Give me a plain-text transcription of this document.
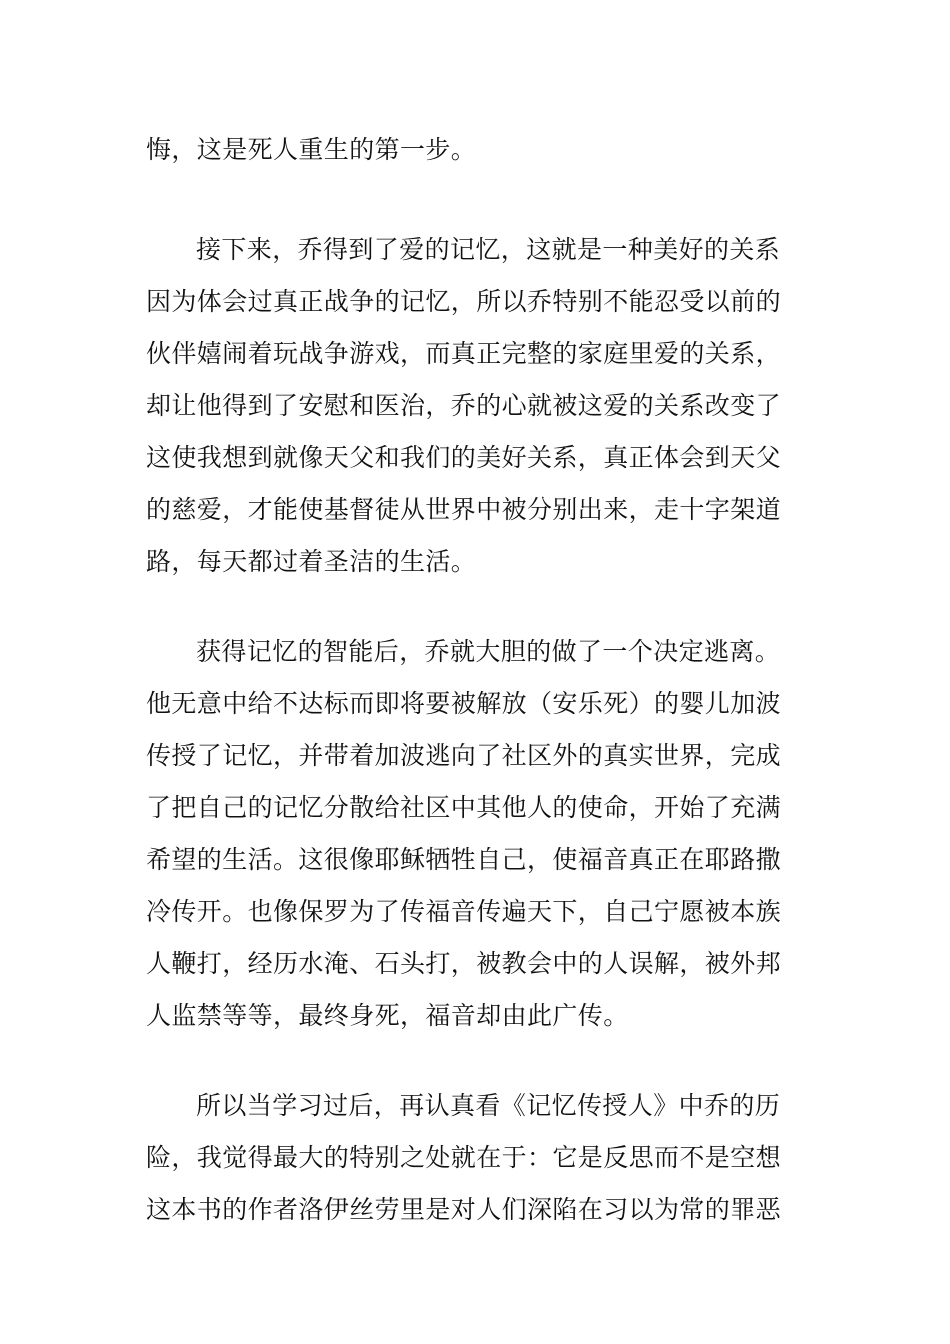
悔，这是死人重生的第一步。
接下来，乔得到了爱的记忆，这就是一种美好的关系
因为体会过真正战争的记忆，所以乔特别不能忍受以前的
伙伴嬉闹着玩战争游戏，而真正完整的家庭里爱的关系，
却让他得到了安慰和医治，乔的心就被这爱的关系改变了
这使我想到就像天父和我们的美好关系，真正体会到天父
的慈爱，才能使基督徒从世界中被分别出来，走十字架道
路，每天都过着圣洁的生活。
获得记忆的智能后，乔就大胆的做了一个决定逃离。
他无意中给不达标而即将要被解放（安乐死）的婴儿加波
传授了记忆，并带着加波逃向了社区外的真实世界，完成
了把自己的记忆分散给社区中其他人的使命，开始了充满
希望的生活。这很像耶稣牺牲自己，使福音真正在耶路撒
冷传开。也像保罗为了传福音传遍天下，自己宁愿被本族
人鞭打，经历水淹、石头打，被教会中的人误解，被外邦
人监禁等等，最终身死，福音却由此广传。
所以当学习过后，再认真看《记忆传授人》中乔的历
险，我觉得最大的特别之处就在于：它是反思而不是空想
这本书的作者洛伊丝劳里是对人们深陷在习以为常的罪恶
